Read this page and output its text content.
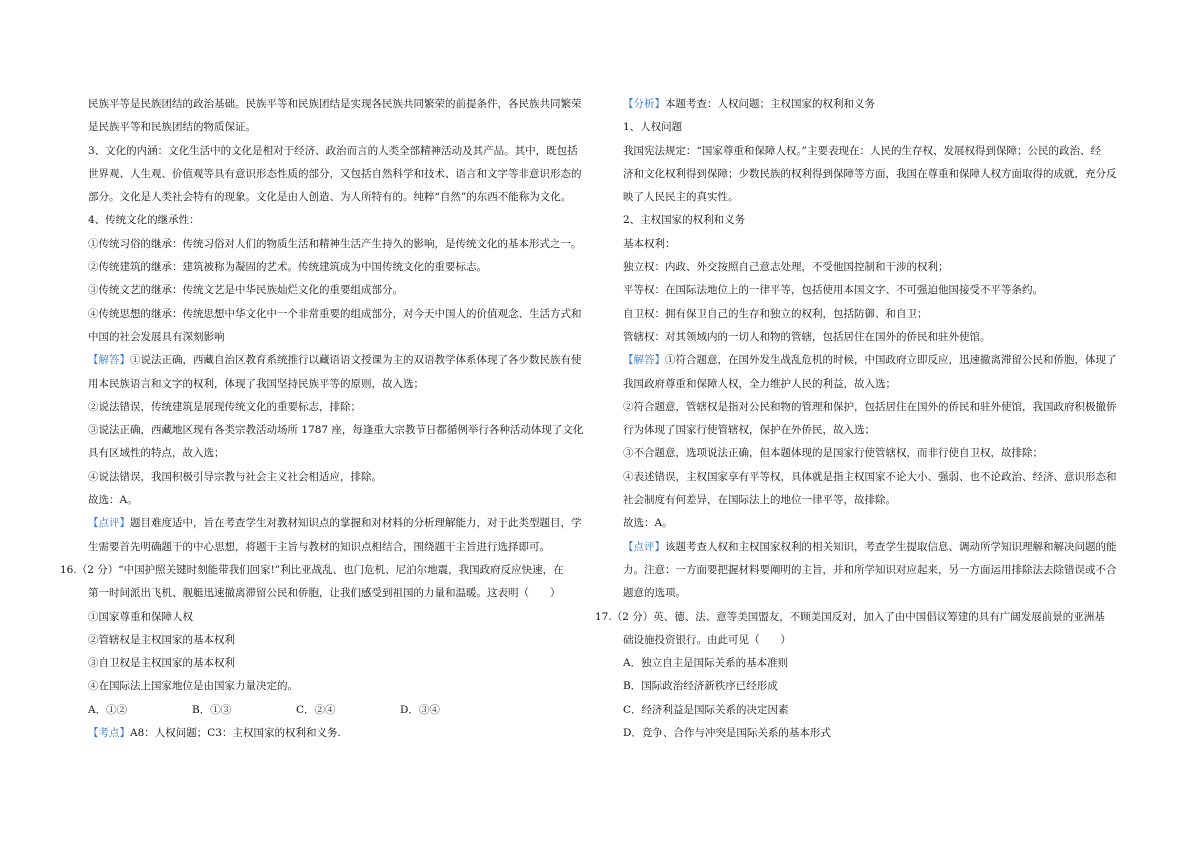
民族平等是民族团结的政治基础。民族平等和民族团结是实现各民族共同繁荣的前提条件，各民族共同繁荣
是民族平等和民族团结的物质保证。
3、文化的内涵：文化生活中的文化是相对于经济、政治而言的人类全部精神活动及其产品。其中，既包括
世界观、人生观、价值观等具有意识形态性质的部分，又包括自然科学和技术、语言和文字等非意识形态的
部分。文化是人类社会特有的现象。文化是由人创造、为人所特有的。纯粹“自然”的东西不能称为文化。
4、传统文化的继承性：
①传统习俗的继承：传统习俗对人们的物质生活和精神生活产生持久的影响，是传统文化的基本形式之一。
②传统建筑的继承：建筑被称为凝固的艺术。传统建筑成为中国传统文化的重要标志。
③传统文艺的继承：传统文艺是中华民族灿烂文化的重要组成部分。
④传统思想的继承：传统思想中华文化中一个非常重要的组成部分，对今天中国人的价值观念、生活方式和
中国的社会发展具有深刻影响
【解答】①说法正确，西藏自治区教育系统推行以藏语语文授课为主的双语教学体系体现了各少数民族有使
用本民族语言和文字的权利，体现了我国坚持民族平等的原则，故入选；
②说法错误，传统建筑是展现传统文化的重要标志，排除；
③说法正确，西藏地区现有各类宗教活动场所 1787 座，每逢重大宗教节日都循例举行各种活动体现了文化
具有区域性的特点，故入选；
④说法错误，我国积极引导宗教与社会主义社会相适应，排除。
故选：A。
【点评】题目难度适中，旨在考查学生对教材知识点的掌握和对材料的分析理解能力，对于此类型题目，学
生需要首先明确题干的中心思想，将题干主旨与教材的知识点相结合，围绕题干主旨进行选择即可。
16.（2 分）“中国护照关键时刻能带我们回家!”利比亚战乱、也门危机、尼泊尔地震，我国政府反应快速，在
第一时间派出飞机、舰艇迅速撤离滞留公民和侨胞，让我们感受到祖国的力量和温暖。这表明（　　）
①国家尊重和保障人权
②管辖权是主权国家的基本权利
③自卫权是主权国家的基本权利
④在国际法上国家地位是由国家力量决定的。
A．①②	B．①③	C．②④	D．③④
【考点】A8：人权问题；C3：主权国家的权利和义务.
【分析】本题考查：人权问题；主权国家的权利和义务
1、人权问题
我国宪法规定：“国家尊重和保障人权。”主要表现在：人民的生存权、发展权得到保障；公民的政治、经
济和文化权利得到保障；少数民族的权利得到保障等方面，我国在尊重和保障人权方面取得的成就，充分反
映了人民民主的真实性。
2、主权国家的权利和义务
基本权利：
独立权：内政、外交按照自己意志处理，不受他国控制和干涉的权利；
平等权：在国际法地位上的一律平等，包括使用本国文字、不可强迫他国接受不平等条约。
自卫权：拥有保卫自己的生存和独立的权利，包括防御、和自卫；
管辖权：对其领域内的一切人和物的管辖，包括居住在国外的侨民和驻外使馆。
【解答】①符合题意，在国外发生战乱危机的时候，中国政府立即反应，迅速撤离滞留公民和侨胞，体现了
我国政府尊重和保障人权，全力维护人民的利益，故入选；
②符合题意，管辖权是指对公民和物的管理和保护，包括居住在国外的侨民和驻外使馆，我国政府积极撤侨
行为体现了国家行使管辖权，保护在外侨民，故入选；
③不合题意，选项说法正确，但本题体现的是国家行使管辖权，而非行使自卫权，故排除；
④表述错误，主权国家享有平等权，具体就是指主权国家不论大小、强弱、也不论政治、经济、意识形态和
社会制度有何差异，在国际法上的地位一律平等，故排除。
故选：A。
【点评】该题考查人权和主权国家权利的相关知识，考查学生提取信息、调动所学知识理解和解决问题的能
力。注意：一方面要把握材料要阐明的主旨，并和所学知识对应起来，另一方面运用排除法去除错误或不合
题意的选项。
17.（2 分）英、德、法、意等美国盟友，不顾美国反对，加入了由中国倡议筹建的具有广阔发展前景的亚洲基
础设施投资银行。由此可见（　　）
A．独立自主是国际关系的基本准则
B．国际政治经济新秩序已经形成
C．经济利益是国际关系的决定因素
D．竞争、合作与冲突是国际关系的基本形式
